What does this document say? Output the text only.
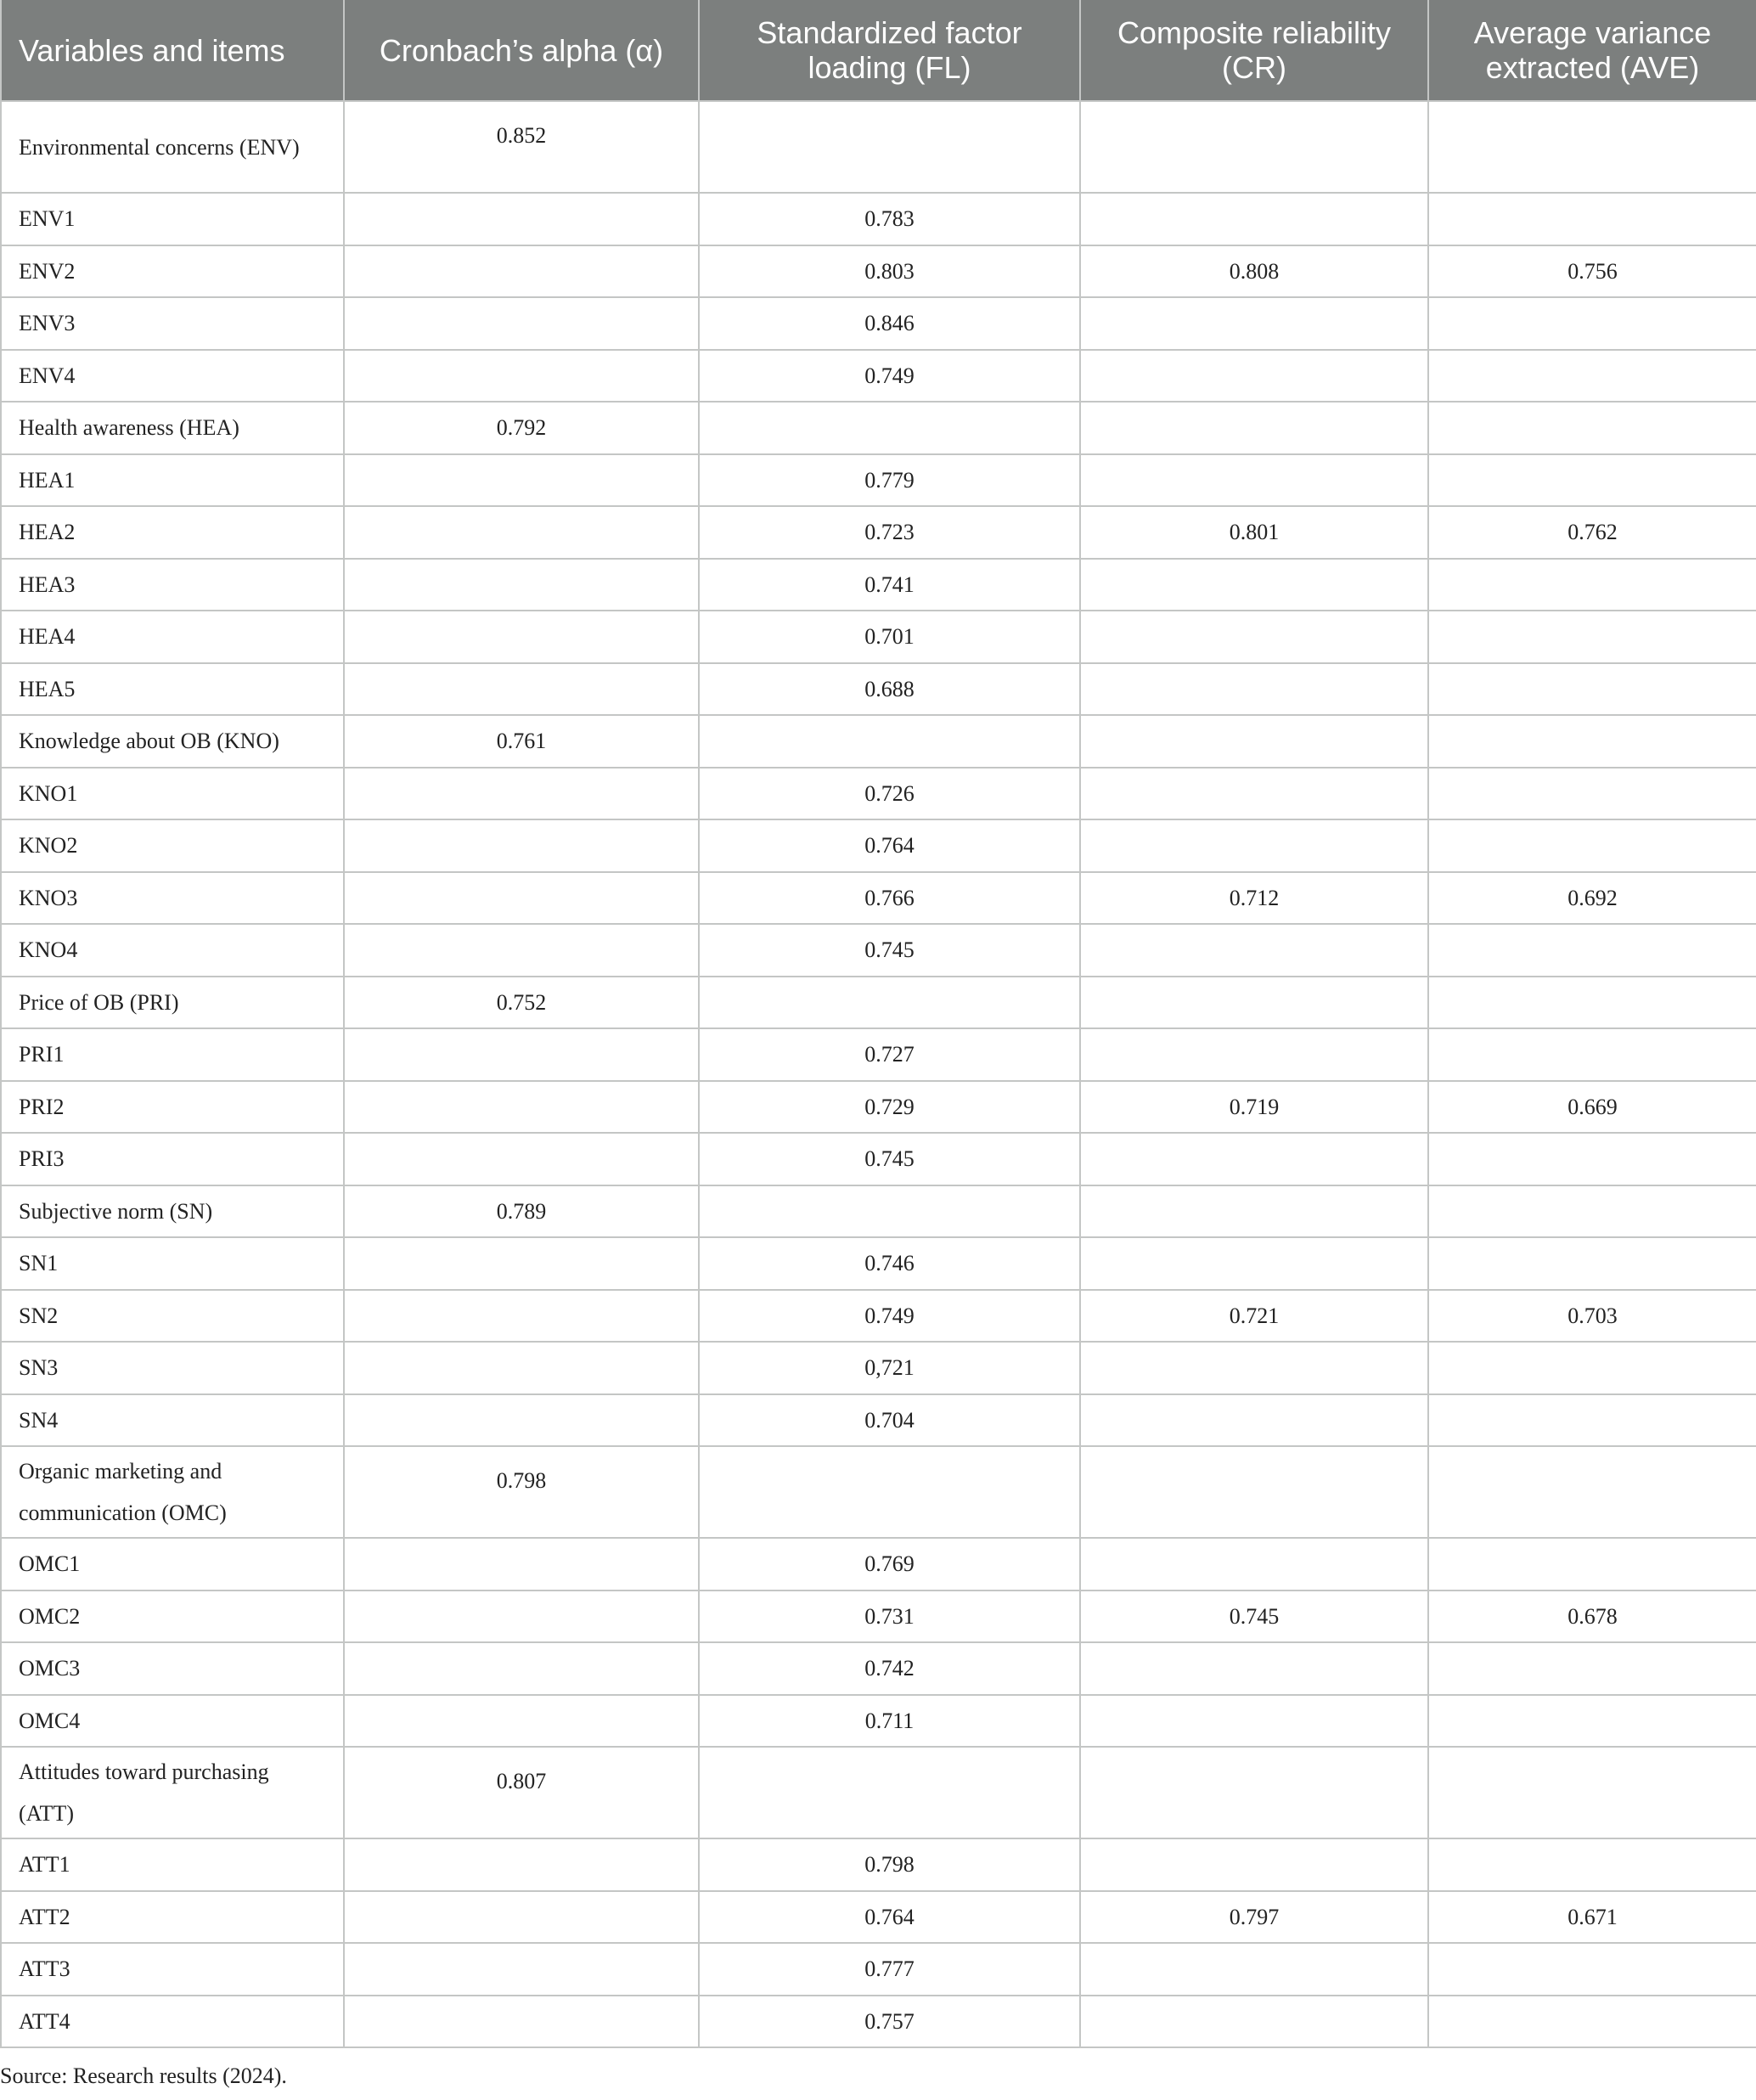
Variables and items	Cronbach’s alpha (α)	Standardized factor loading (FL)	Composite reliability (CR)	Average variance extracted (AVE)
Environmental concerns (ENV)	0.852			
ENV1		0.783		
ENV2		0.803	0.808	0.756
ENV3		0.846		
ENV4		0.749		
Health awareness (HEA)	0.792			
HEA1		0.779		
HEA2		0.723	0.801	0.762
HEA3		0.741		
HEA4		0.701		
HEA5		0.688		
Knowledge about OB (KNO)	0.761			
KNO1		0.726		
KNO2		0.764		
KNO3		0.766	0.712	0.692
KNO4		0.745		
Price of OB (PRI)	0.752			
PRI1		0.727		
PRI2		0.729	0.719	0.669
PRI3		0.745		
Subjective norm (SN)	0.789			
SN1		0.746		
SN2		0.749	0.721	0.703
SN3		0,721		
SN4		0.704		
Organic marketing and communication (OMC)	0.798			
OMC1		0.769		
OMC2		0.731	0.745	0.678
OMC3		0.742		
OMC4		0.711		
Attitudes toward purchasing (ATT)	0.807			
ATT1		0.798		
ATT2		0.764	0.797	0.671
ATT3		0.777		
ATT4		0.757		
Source: Research results (2024).
